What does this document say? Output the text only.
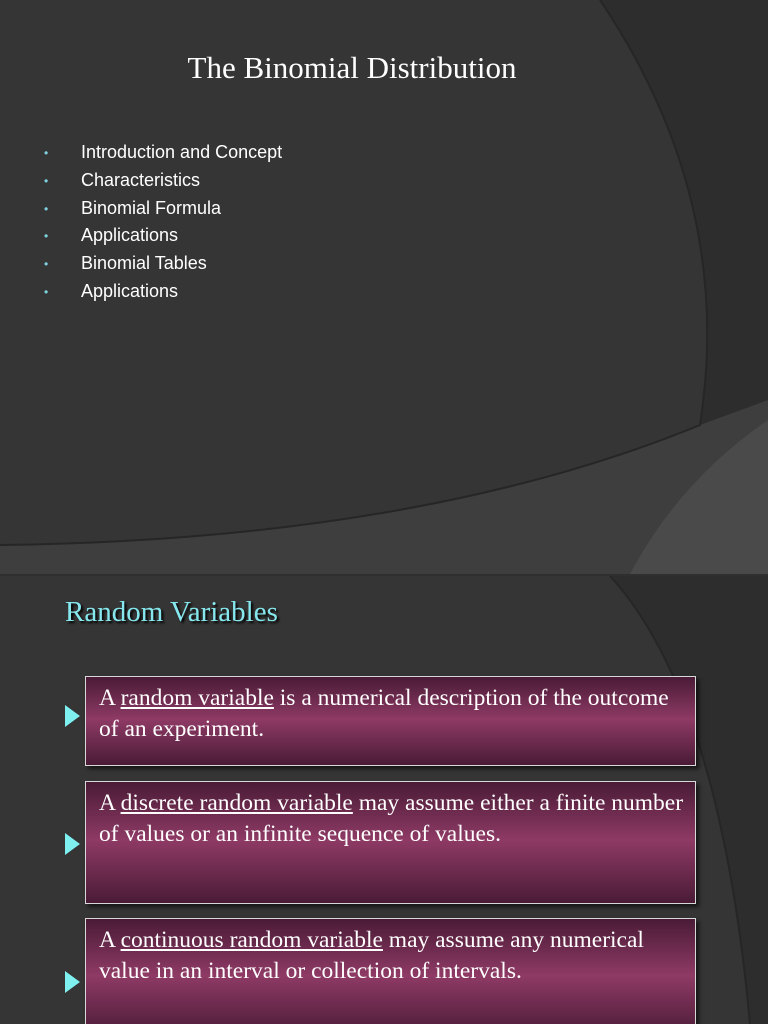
The Binomial Distribution
• Introduction and Concept
• Characteristics
• Binomial Formula
• Applications
• Binomial Tables
• Applications
Random Variables
A random variable is a numerical description of the outcome of an experiment.
A discrete random variable may assume either a finite number of values or an infinite sequence of values.
A continuous random variable may assume any numerical value in an interval or collection of intervals.
